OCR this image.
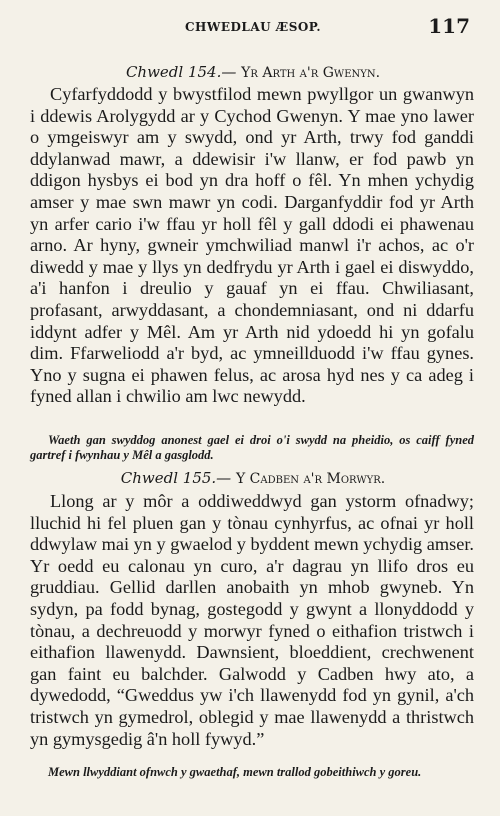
CHWEDLAU ÆSOP.	117
Chwedl 154.— Yr Arth a'r Gwenyn.

Cyfarfyddodd y bwystfilod mewn pwyllgor un gwanwyn i ddewis Arolygydd ar y Cychod Gwenyn. Y mae yno lawer o ymgeiswyr am y swydd, ond yr Arth, trwy fod ganddi ddylanwad mawr, a ddewisir i'w llanw, er fod pawb yn ddigon hysbys ei bod yn dra hoff o fêl. Yn mhen ychydig amser y mae swn mawr yn codi. Darganfyddir fod yr Arth yn arfer cario i'w ffau yr holl fêl y gall ddodi ei phawenau arno. Ar hyny, gwneir ymchwiliad manwl i'r achos, ac o'r diwedd y mae y llys yn dedfrydu yr Arth i gael ei diswyddo, a'i hanfon i dreulio y gauaf yn ei ffau. Chwiliasant, profasant, arwyddasant, a chondemniasant, ond ni ddarfu iddynt adfer y Mêl. Am yr Arth nid ydoedd hi yn gofalu dim. Ffarweliodd a'r byd, ac ymneillduodd i'w ffau gynes. Yno y sugna ei phawen felus, ac arosa hyd nes y ca adeg i fyned allan i chwilio am lwc newydd.

Waeth gan swyddog anonest gael ei droi o'i swydd na pheidio, os caiff fyned gartref i fwynhau y Mêl a gasglodd.

Chwedl 155.— Y Cadben a'r Morwyr.

Llong ar y môr a oddiweddwyd gan ystorm ofnadwy; lluchid hi fel pluen gan y tònau cynhyrfus, ac ofnai yr holl ddwylaw mai yn y gwaelod y byddent mewn ychydig amser. Yr oedd eu calonau yn curo, a'r dagrau yn llifo dros eu gruddiau. Gellid darllen anobaith yn mhob gwyneb. Yn sydyn, pa fodd bynag, gostegodd y gwynt a llonyddodd y tònau, a dechreuodd y morwyr fyned o eithafion tristwch i eithafion llawenydd. Dawnsient, bloeddient, crechwenent gan faint eu balchder. Galwodd y Cadben hwy ato, a dywedodd, “Gweddus yw i'ch llawenydd fod yn gynil, a'ch tristwch yn gymedrol, oblegid y mae llawenydd a thristwch yn gymysgedig â'n holl fywyd.”

Mewn llwyddiant ofnwch y gwaethaf, mewn trallod gobeithiwch y goreu.
